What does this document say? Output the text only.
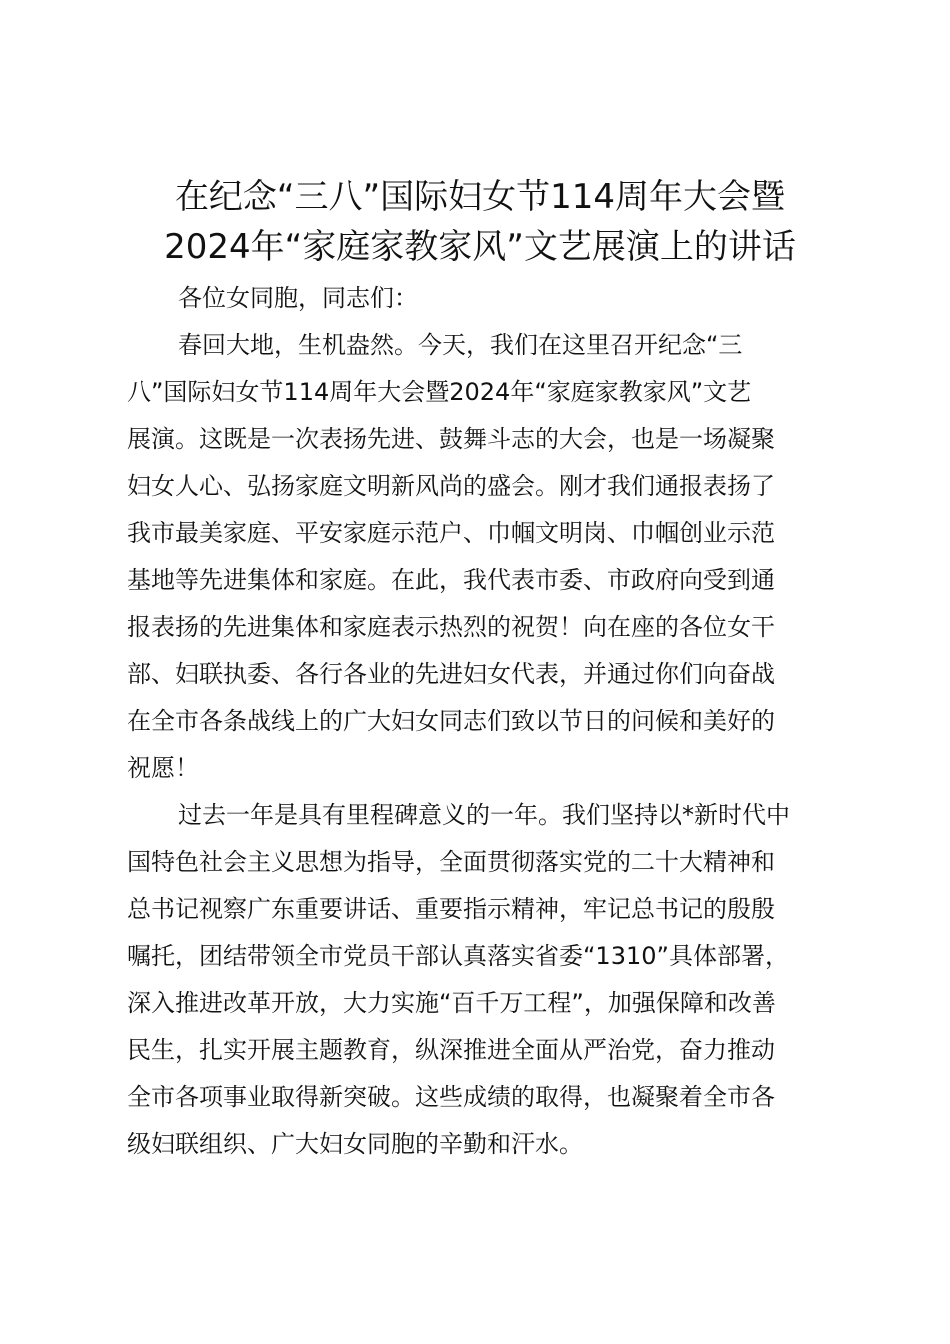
在纪念“三八”国际妇女节114周年大会暨
2024年“家庭家教家风”文艺展演上的讲话
各位女同胞，同志们：
春回大地，生机盎然。今天，我们在这里召开纪念“三
八”国际妇女节114周年大会暨2024年“家庭家教家风”文艺
展演。这既是一次表扬先进、鼓舞斗志的大会，也是一场凝聚
妇女人心、弘扬家庭文明新风尚的盛会。刚才我们通报表扬了
我市最美家庭、平安家庭示范户、巾帼文明岗、巾帼创业示范
基地等先进集体和家庭。在此，我代表市委、市政府向受到通
报表扬的先进集体和家庭表示热烈的祝贺！向在座的各位女干
部、妇联执委、各行各业的先进妇女代表，并通过你们向奋战
在全市各条战线上的广大妇女同志们致以节日的问候和美好的
祝愿！
过去一年是具有里程碑意义的一年。我们坚持以*新时代中
国特色社会主义思想为指导，全面贯彻落实党的二十大精神和
总书记视察广东重要讲话、重要指示精神，牢记总书记的殷殷
嘱托，团结带领全市党员干部认真落实省委“1310”具体部署，
深入推进改革开放，大力实施“百千万工程”，加强保障和改善
民生，扎实开展主题教育，纵深推进全面从严治党，奋力推动
全市各项事业取得新突破。这些成绩的取得，也凝聚着全市各
级妇联组织、广大妇女同胞的辛勤和汗水。
